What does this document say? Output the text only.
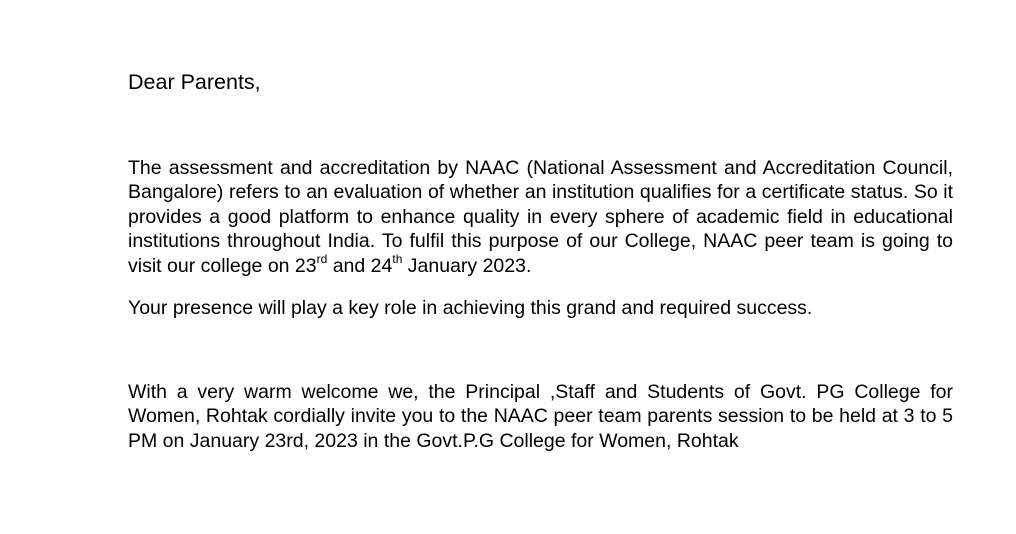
Dear Parents,

The assessment and accreditation by NAAC (National Assessment and Accreditation Council, Bangalore) refers to an evaluation of whether an institution qualifies for a certificate status. So it provides a good platform to enhance quality in every sphere of academic field in educational institutions throughout India. To fulfil this purpose of our College, NAAC peer team is going to visit our college on 23rd and 24th January 2023.

Your presence will play a key role in achieving this grand and required success.

With a very warm welcome we, the Principal ,Staff and Students of Govt. PG College for Women, Rohtak cordially invite you to the NAAC peer team parents session to be held at 3 to 5 PM on January 23rd, 2023 in the Govt.P.G College for Women, Rohtak
